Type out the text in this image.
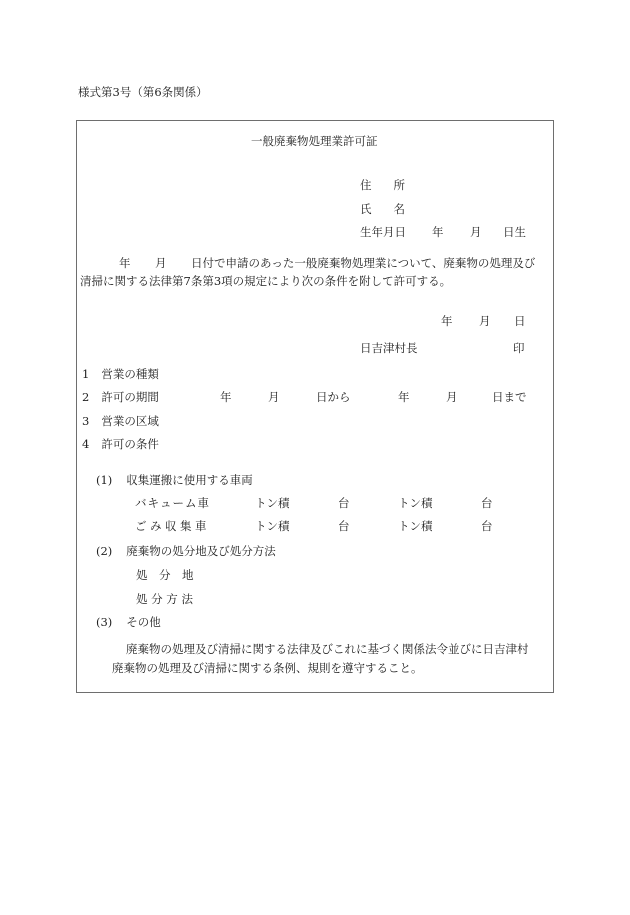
様式第3号（第6条関係）
一般廃棄物処理業許可証
住 所
氏 名
生年月日 年 月 日生
年 月 日付で申請のあった一般廃棄物処理業について、廃棄物の処理及び
清掃に関する法律第7条第3項の規定により次の条件を附して許可する。
年 月 日
日吉津村長	印
1 営業の種類
2 許可の期間	年	月	日から	年	月	日まで
3 営業の区域
4 許可の条件
(1) 収集運搬に使用する車両
バキューム車	トン積	台	トン積	台
ごみ収集車	トン積	台	トン積	台
(2) 廃棄物の処分地及び処分方法
処　分　地
処 分 方 法
(3) その他
廃棄物の処理及び清掃に関する法律及びこれに基づく関係法令並びに日吉津村
廃棄物の処理及び清掃に関する条例、規則を遵守すること。
